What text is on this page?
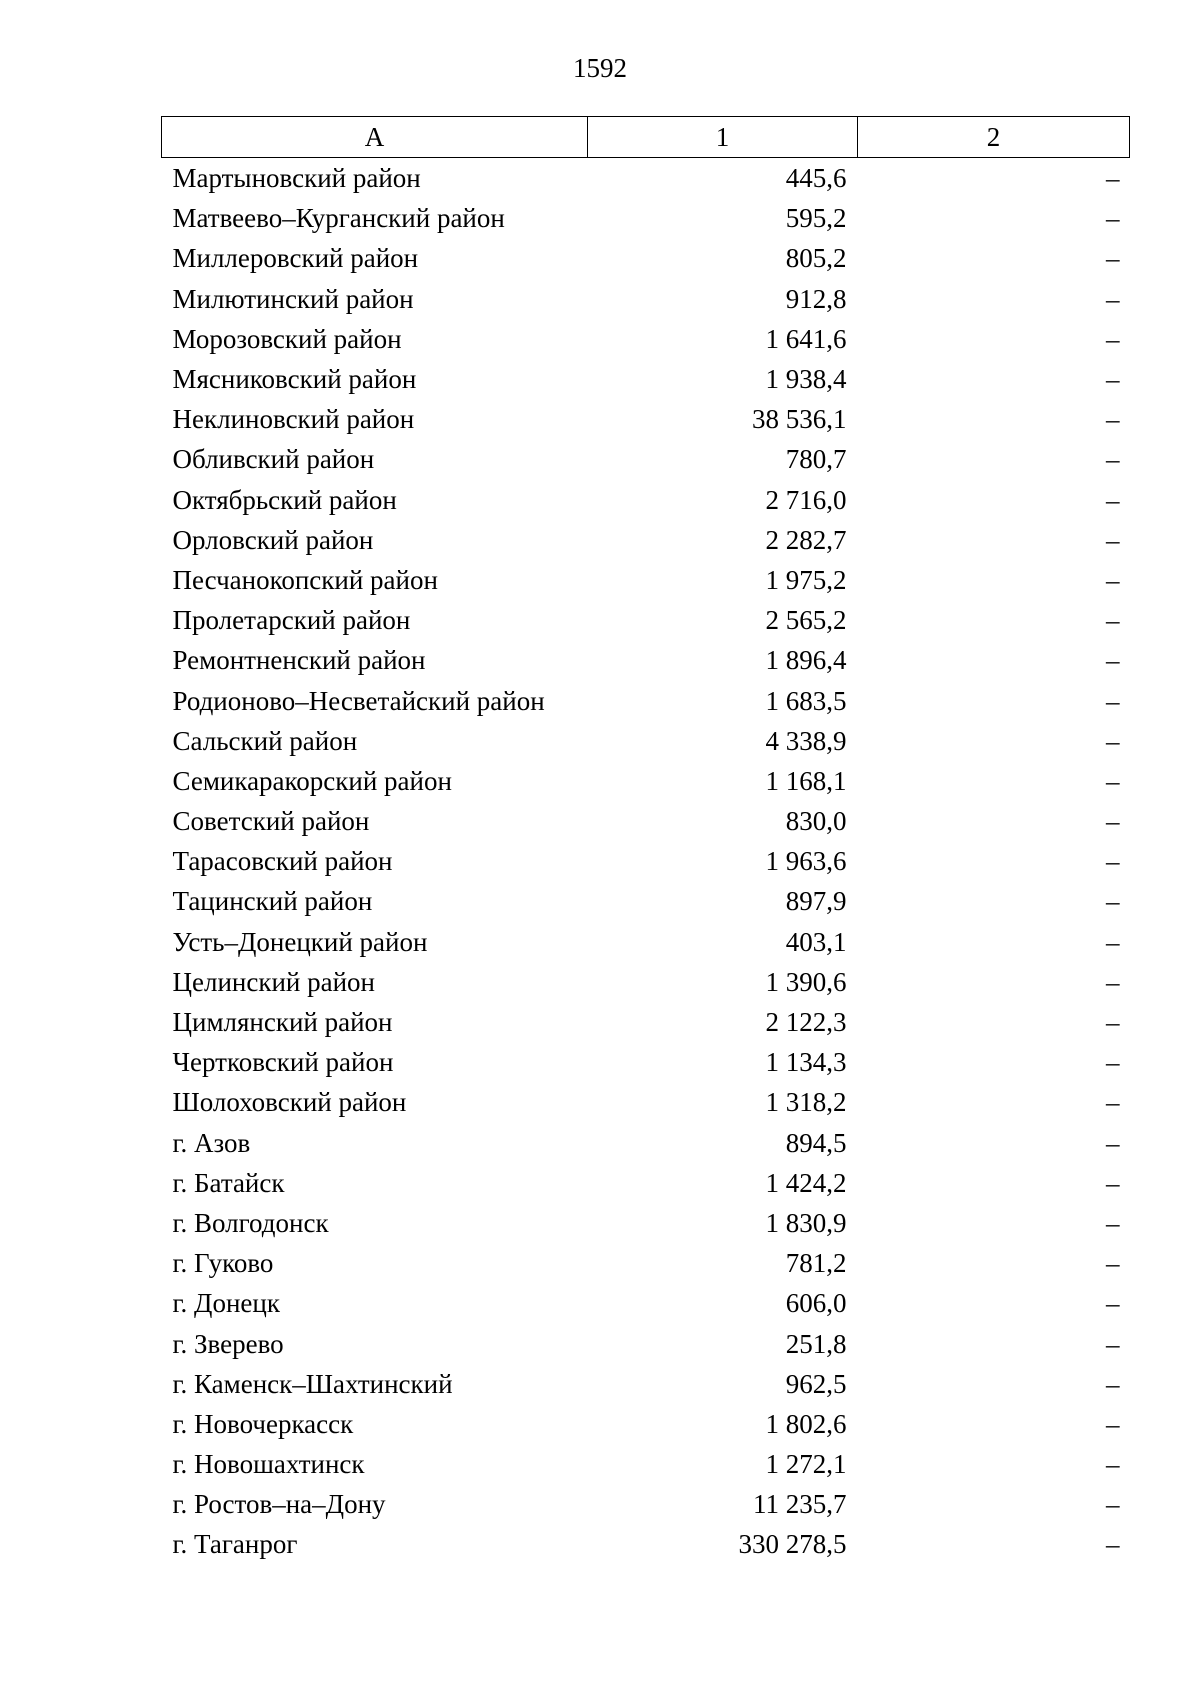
1592
А	1	2
Мартыновский район	445,6	–
Матвеево–Курганский район	595,2	–
Миллеровский район	805,2	–
Милютинский район	912,8	–
Морозовский район	1 641,6	–
Мясниковский район	1 938,4	–
Неклиновский район	38 536,1	–
Обливский район	780,7	–
Октябрьский район	2 716,0	–
Орловский район	2 282,7	–
Песчанокопский район	1 975,2	–
Пролетарский район	2 565,2	–
Ремонтненский район	1 896,4	–
Родионово–Несветайский район	1 683,5	–
Сальский район	4 338,9	–
Семикаракорский район	1 168,1	–
Советский район	830,0	–
Тарасовский район	1 963,6	–
Тацинский район	897,9	–
Усть–Донецкий район	403,1	–
Целинский район	1 390,6	–
Цимлянский район	2 122,3	–
Чертковский район	1 134,3	–
Шолоховский район	1 318,2	–
г. Азов	894,5	–
г. Батайск	1 424,2	–
г. Волгодонск	1 830,9	–
г. Гуково	781,2	–
г. Донецк	606,0	–
г. Зверево	251,8	–
г. Каменск–Шахтинский	962,5	–
г. Новочеркасск	1 802,6	–
г. Новошахтинск	1 272,1	–
г. Ростов–на–Дону	11 235,7	–
г. Таганрог	330 278,5	–
